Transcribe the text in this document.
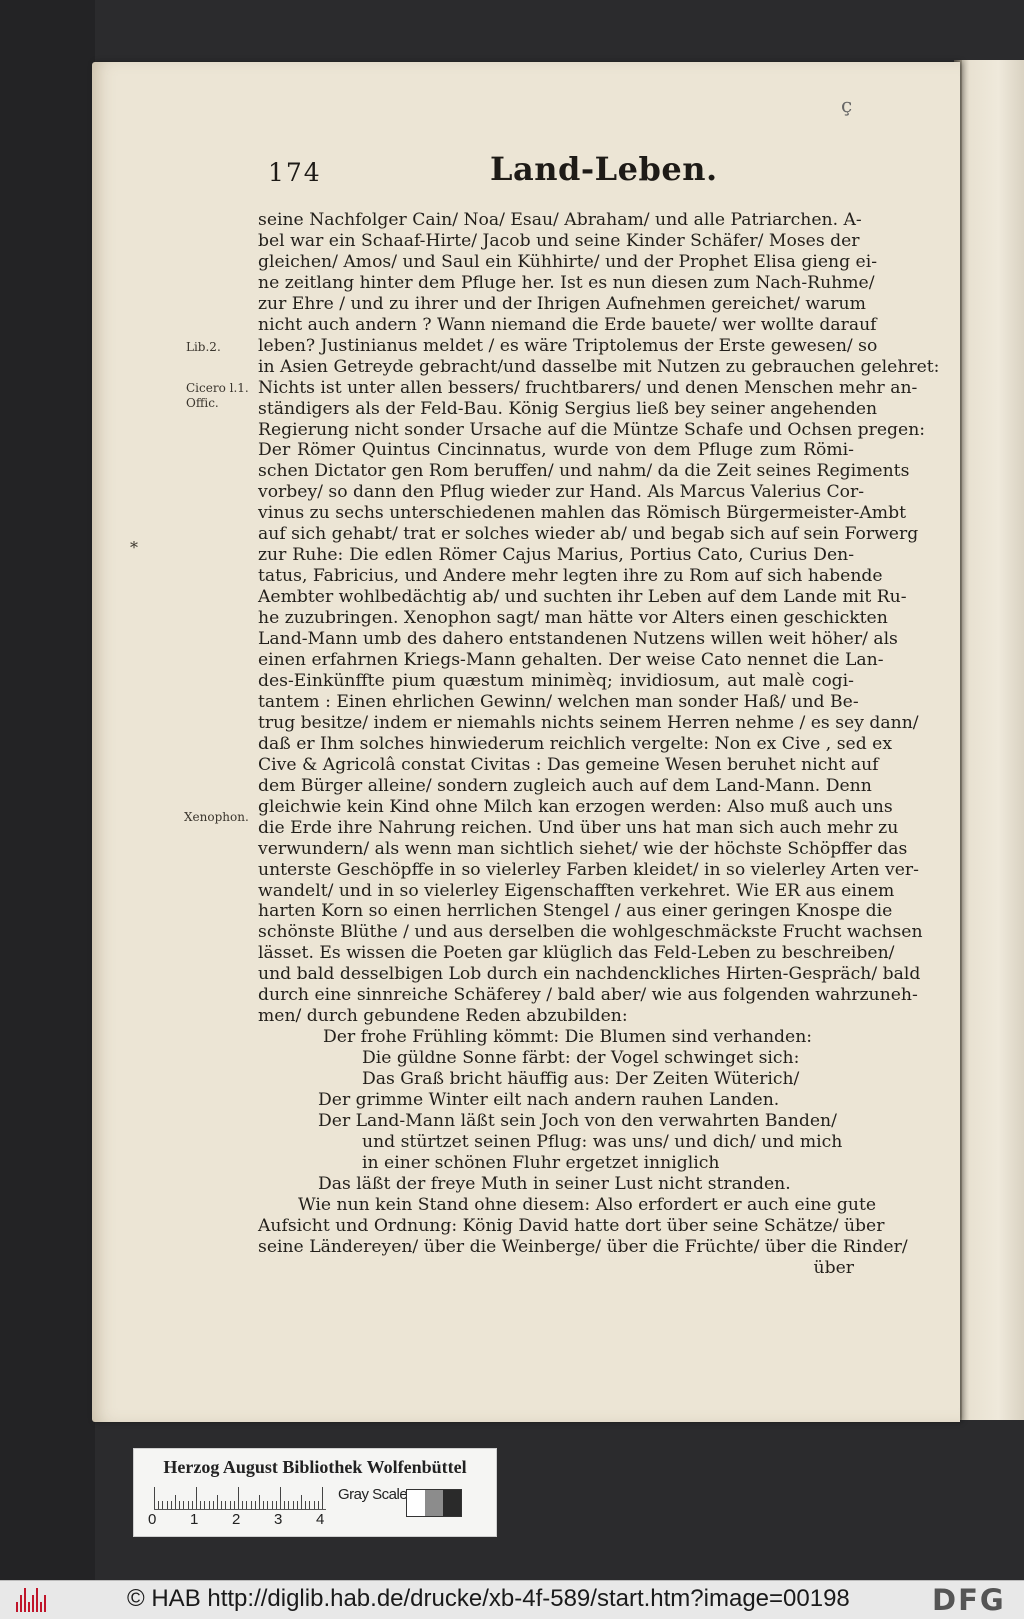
ç
174	Land-Leben.
Lib.2.
Cicero l.1.
Offic.
*
Xenophon.
seine Nachfolger Cain/ Noa/ Esau/ Abraham/ und alle Patriarchen. A-
bel war ein Schaaf-Hirte/ Jacob und seine Kinder Schäfer/ Moses der
gleichen/ Amos/ und Saul ein Kühhirte/ und der Prophet Elisa gieng ei-
ne zeitlang hinter dem Pfluge her. Ist es nun diesen zum Nach-Ruhme/
zur Ehre / und zu ihrer und der Ihrigen Aufnehmen gereichet/ warum
nicht auch andern ? Wann niemand die Erde bauete/ wer wollte darauf
leben? Justinianus meldet / es wäre Triptolemus der Erste gewesen/ so
in Asien Getreyde gebracht/und dasselbe mit Nutzen zu gebrauchen gelehret:
Nichts ist unter allen bessers/ fruchtbarers/ und denen Menschen mehr an-
ständigers als der Feld-Bau. König Sergius ließ bey seiner angehenden
Regierung nicht sonder Ursache auf die Müntze Schafe und Ochsen pregen:
Der Römer Quintus Cincinnatus, wurde von dem Pfluge zum Römi-
schen Dictator gen Rom beruffen/ und nahm/ da die Zeit seines Regiments
vorbey/ so dann den Pflug wieder zur Hand. Als Marcus Valerius Cor-
vinus zu sechs unterschiedenen mahlen das Römisch Bürgermeister-Ambt
auf sich gehabt/ trat er solches wieder ab/ und begab sich auf sein Forwerg
zur Ruhe: Die edlen Römer Cajus Marius, Portius Cato, Curius Den-
tatus, Fabricius, und Andere mehr legten ihre zu Rom auf sich habende
Aembter wohlbedächtig ab/ und suchten ihr Leben auf dem Lande mit Ru-
he zuzubringen. Xenophon sagt/ man hätte vor Alters einen geschickten
Land-Mann umb des dahero entstandenen Nutzens willen weit höher/ als
einen erfahrnen Kriegs-Mann gehalten. Der weise Cato nennet die Lan-
des-Einkünffte pium quæstum minimèq; invidiosum, aut malè cogi-
tantem : Einen ehrlichen Gewinn/ welchen man sonder Haß/ und Be-
trug besitze/ indem er niemahls nichts seinem Herren nehme / es sey dann/
daß er Ihm solches hinwiederum reichlich vergelte: Non ex Cive , sed ex
Cive & Agricolâ constat Civitas : Das gemeine Wesen beruhet nicht auf
dem Bürger alleine/ sondern zugleich auch auf dem Land-Mann. Denn
gleichwie kein Kind ohne Milch kan erzogen werden: Also muß auch uns
die Erde ihre Nahrung reichen. Und über uns hat man sich auch mehr zu
verwundern/ als wenn man sichtlich siehet/ wie der höchste Schöpffer das
unterste Geschöpffe in so vielerley Farben kleidet/ in so vielerley Arten ver-
wandelt/ und in so vielerley Eigenschafften verkehret. Wie ER aus einem
harten Korn so einen herrlichen Stengel / aus einer geringen Knospe die
schönste Blüthe / und aus derselben die wohlgeschmäckste Frucht wachsen
lässet. Es wissen die Poeten gar klüglich das Feld-Leben zu beschreiben/
und bald desselbigen Lob durch ein nachdenckliches Hirten-Gespräch/ bald
durch eine sinnreiche Schäferey / bald aber/ wie aus folgenden wahrzuneh-
men/ durch gebundene Reden abzubilden:
Der frohe Frühling kömmt: Die Blumen sind verhanden:
Die güldne Sonne färbt: der Vogel schwinget sich:
Das Graß bricht häuffig aus: Der Zeiten Wüterich/
Der grimme Winter eilt nach andern rauhen Landen.
Der Land-Mann läßt sein Joch von den verwahrten Banden/
und stürtzet seinen Pflug: was uns/ und dich/ und mich
in einer schönen Fluhr ergetzet inniglich
Das läßt der freye Muth in seiner Lust nicht stranden.
Wie nun kein Stand ohne diesem: Also erfordert er auch eine gute
Aufsicht und Ordnung: König David hatte dort über seine Schätze/ über
seine Ländereyen/ über die Weinberge/ über die Früchte/ über die Rinder/
über
Herzog August Bibliothek Wolfenbüttel
0 1 2 3 4
Gray Scale
© HAB http://diglib.hab.de/drucke/xb-4f-589/start.htm?image=00198	DFG
